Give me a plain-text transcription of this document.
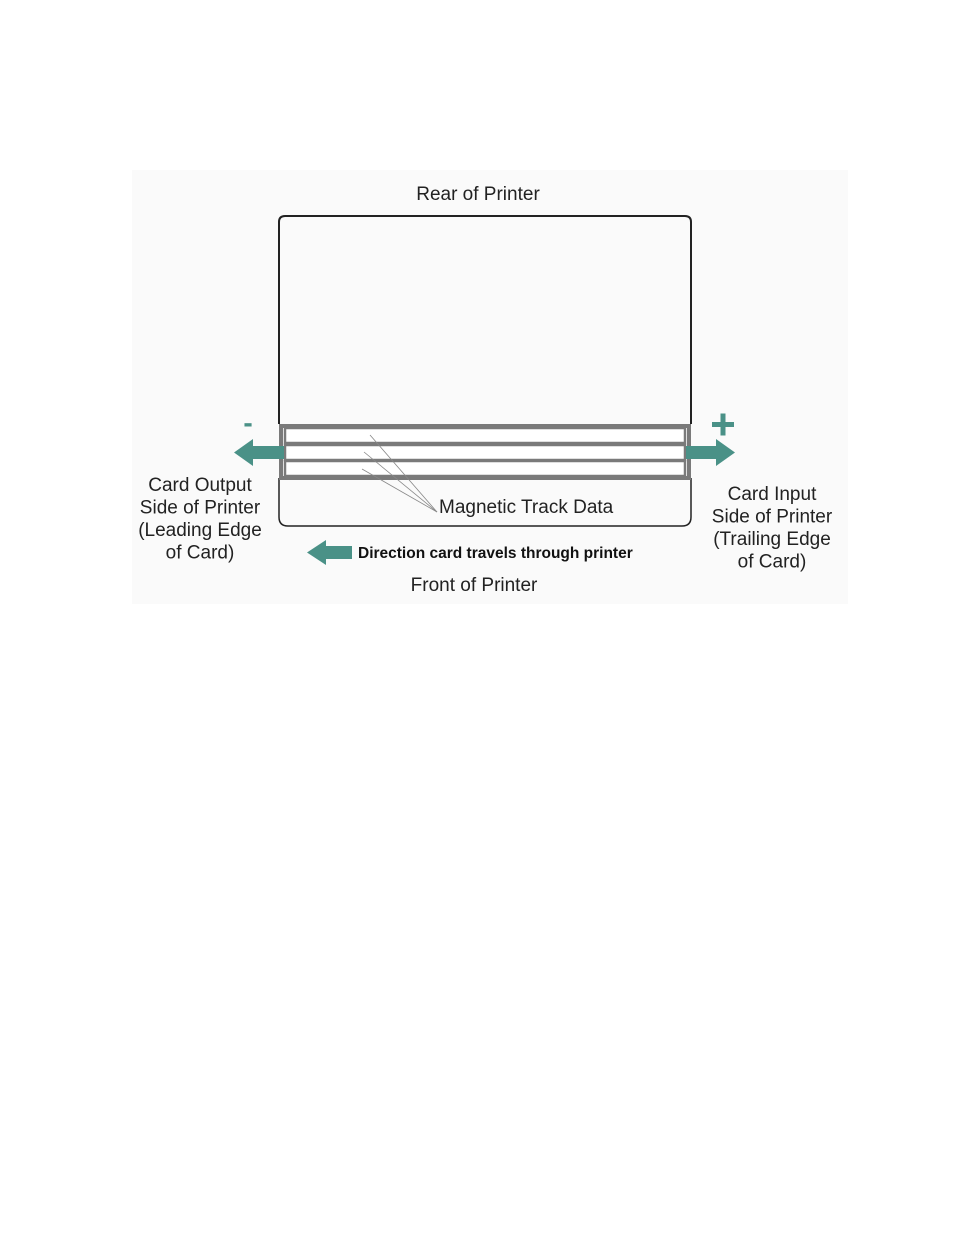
Rear of Printer
Magnetic Track Data
-
Card Output
Side of Printer
(Leading Edge
of Card)
Card Input
Side of Printer
(Trailing Edge
of Card)
Direction card travels through printer
Front of Printer
